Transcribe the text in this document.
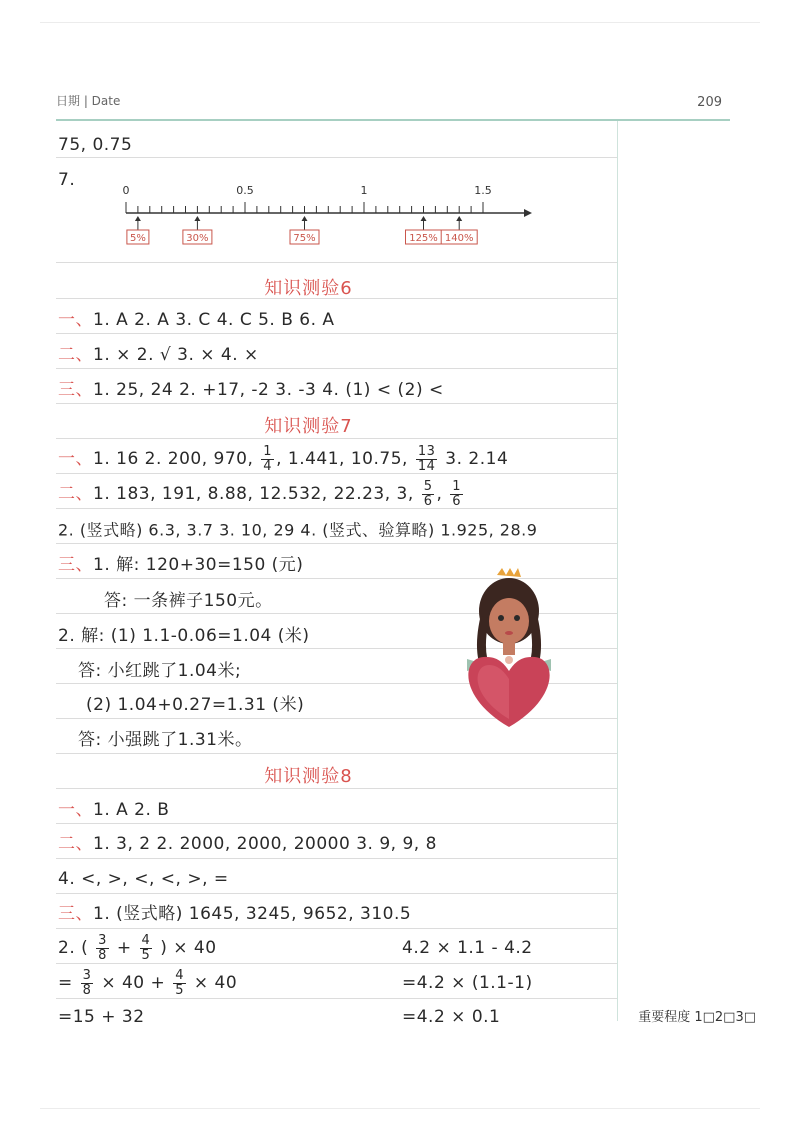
日期 | Date	209
75, 0.75
7.
0	0.5	1	1.5
5%	30%	75%	125% 140%
知识测验6
一、1. A 2. A 3. C 4. C 5. B 6. A
二、1. × 2. √ 3. × 4. ×
三、1. 25, 24 2. +17, -2 3. -3 4. (1) < (2) <
知识测验7
一、1. 16 2. 200, 970, $\frac{1}{4}$ , 1.441, 10.75, $\frac{13}{14} 3$. 2.14
二、1. 183, 191, 8.88, 12.532, 22.23, 3, $\frac{5}{6}$ , $\frac{1}{6}$
2. (竖式略) 6.3, 3.7 3. 10, 29 4. (竖式、验算略) 1.925, 28.9
三、1. 解: 120+30=150 (元)
答: 一条裤子150元。
2. 解: (1) 1.1-0.06=1.04 (米)
答: 小红跳了1.04米;
(2) 1.04+0.27=1.31 (米)
答: 小强跳了1.31米。
知识测验8
一、1. A 2. B
二、1. 3, 2 2. 2000, 2000, 20000 3. 9, 9, 8
4. <, >, <, <, >, =
三、1. (竖式略) 1645, 3245, 9652, 310.5
2. ( $\frac{3}{8} + \frac{4}{5}$ ) × 40	4.2 × 1.1 - 4.2
= $\frac{3}{8} \times 40 + \frac{4}{5} \times 40$	=4.2 × (1.1-1)
=15 + 32	=4.2 × 0.1	重要程度 1□2□3□
